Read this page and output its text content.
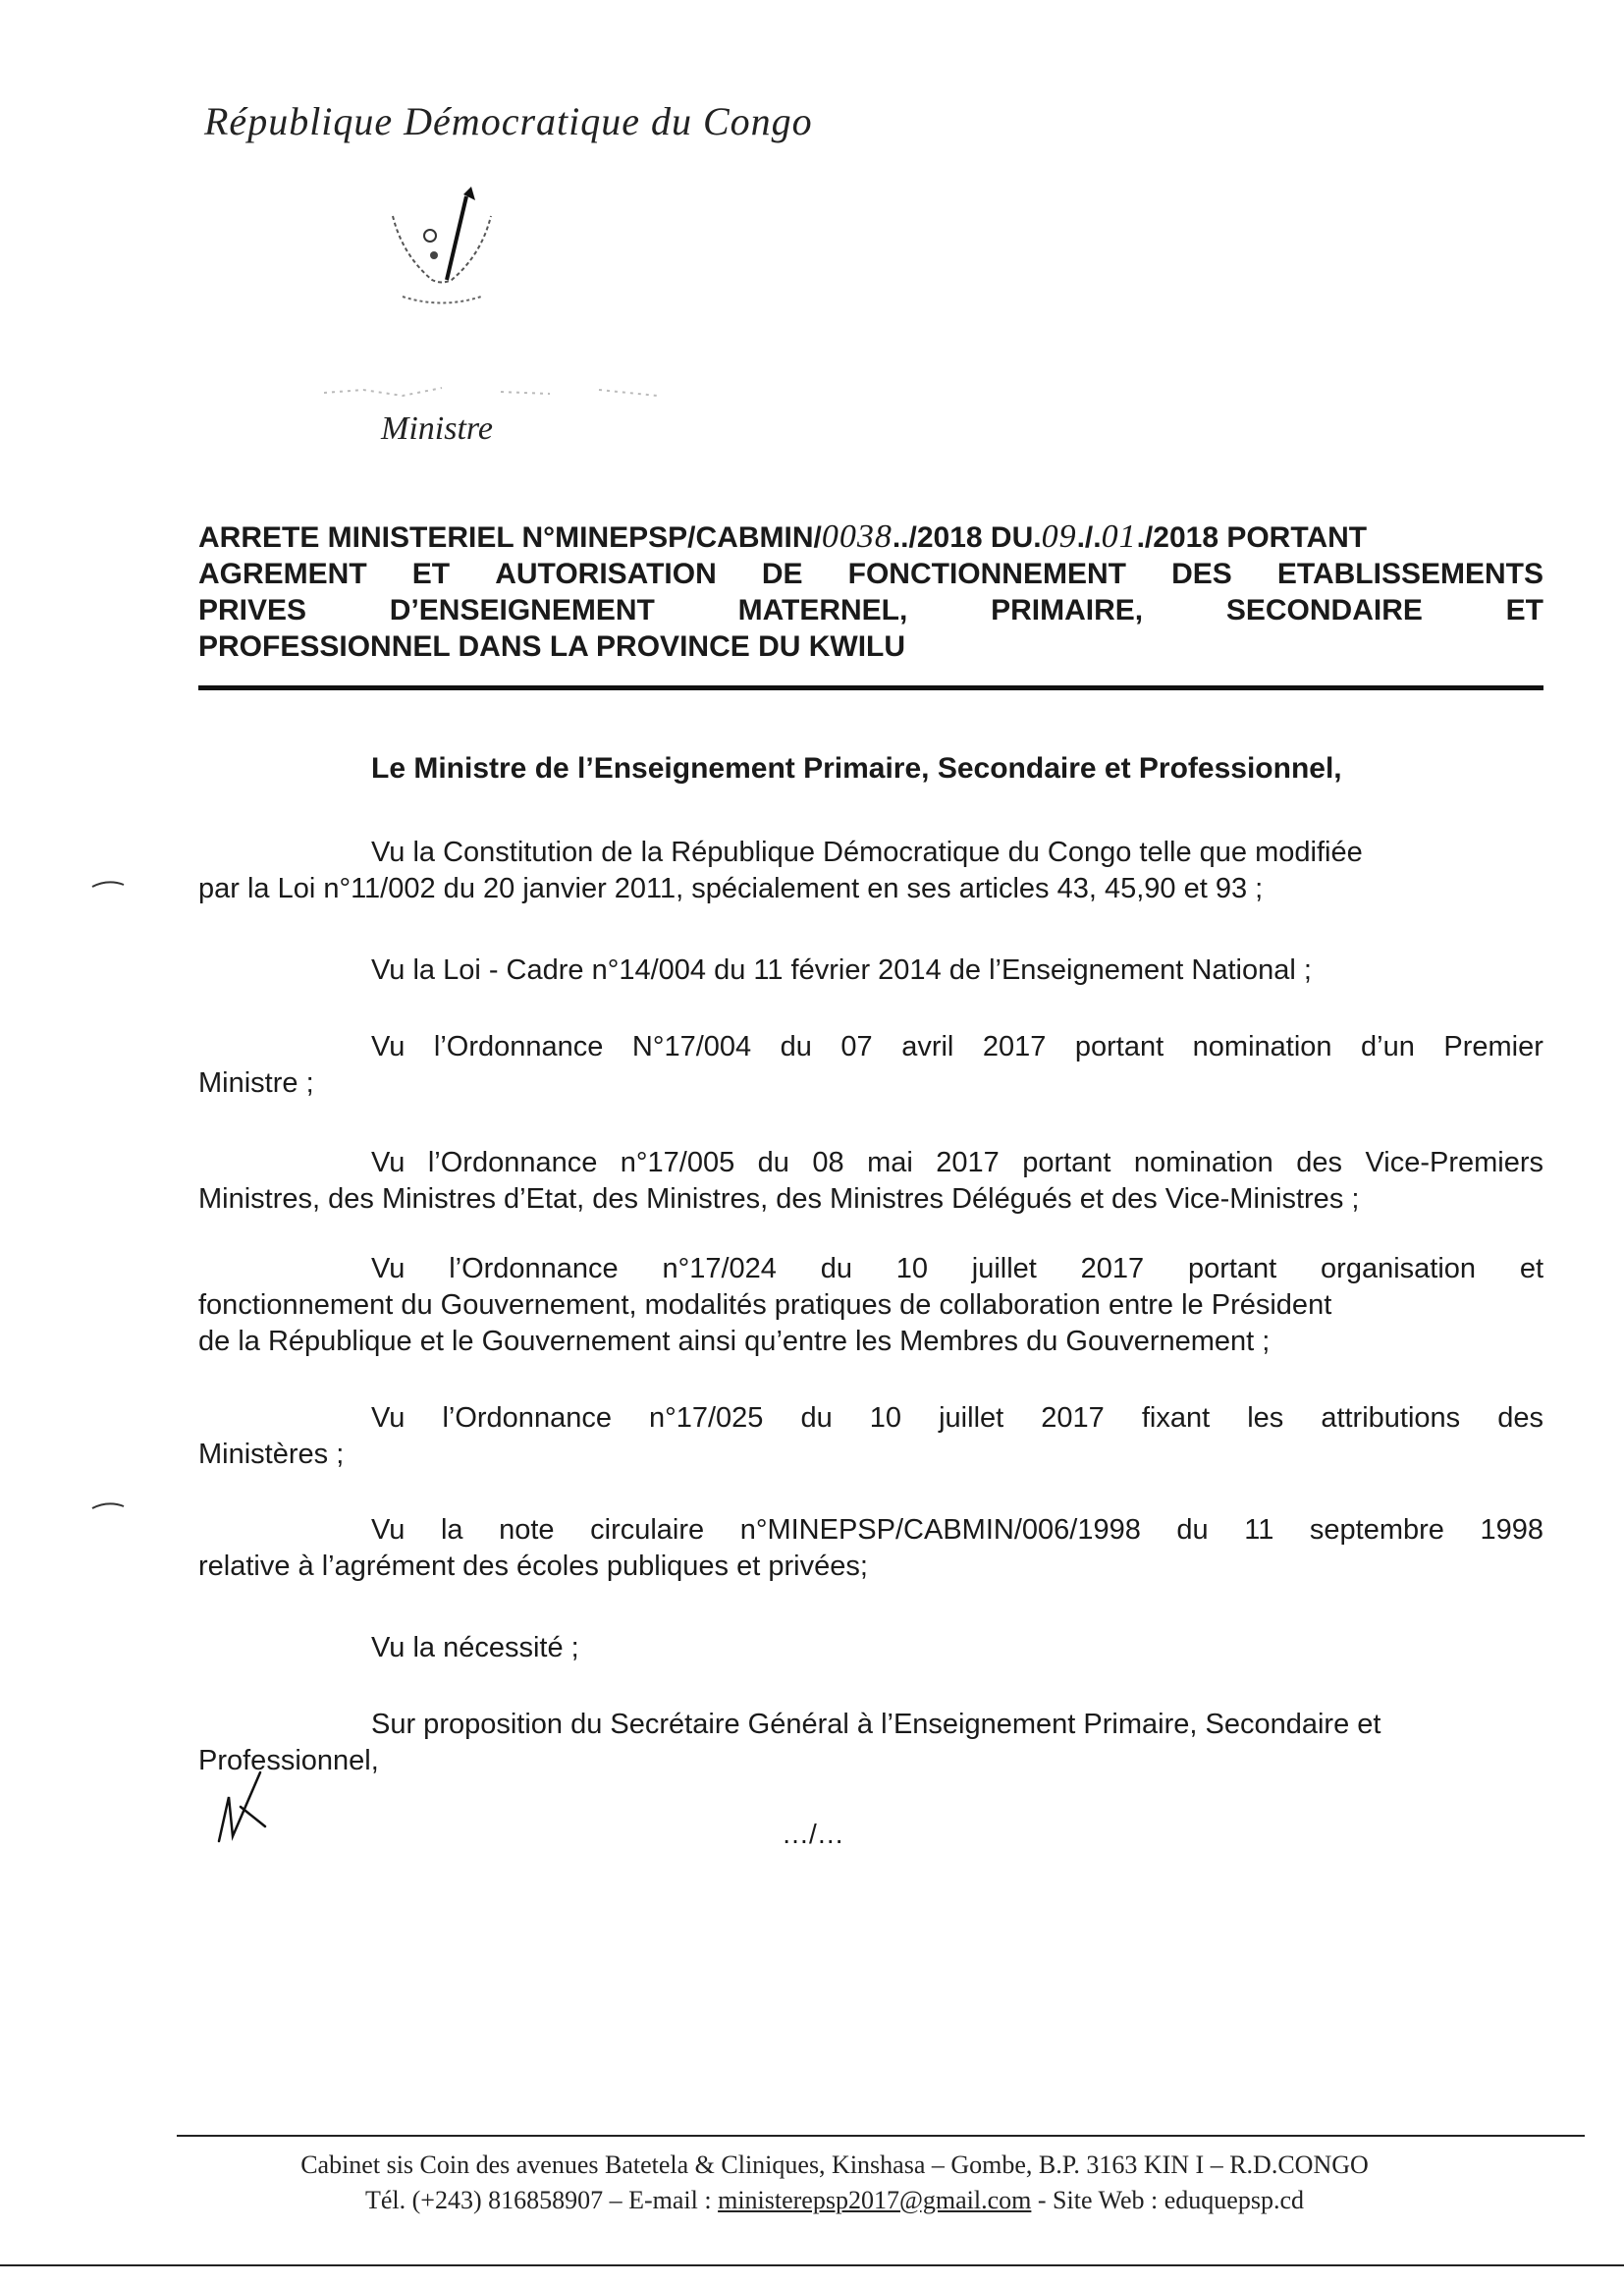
République Démocratique du Congo
Ministre
ARRETE MINISTERIEL N°MINEPSP/CABMIN/0038../2018 DU.09./.01./2018 PORTANT
AGREMENT ET AUTORISATION DE FONCTIONNEMENT DES ETABLISSEMENTS
PRIVES	D’ENSEIGNEMENT	MATERNEL,	PRIMAIRE,	SECONDAIRE	ET
PROFESSIONNEL DANS LA PROVINCE DU KWILU
Le Ministre de l’Enseignement Primaire, Secondaire et Professionnel,
Vu la Constitution de la République Démocratique du Congo telle que modifiée
par la Loi n°11/002 du 20 janvier 2011, spécialement en ses articles 43, 45,90 et 93 ;
Vu la Loi - Cadre n°14/004 du 11 février 2014 de l’Enseignement National ;
Vu l’Ordonnance N°17/004 du 07 avril 2017 portant nomination d’un Premier
Ministre ;
Vu l’Ordonnance n°17/005 du 08 mai 2017 portant nomination des Vice-Premiers
Ministres, des Ministres d’Etat, des Ministres, des Ministres Délégués et des Vice-Ministres ;
Vu l’Ordonnance n°17/024 du 10 juillet 2017 portant organisation et
fonctionnement du Gouvernement, modalités pratiques de collaboration entre le Président
de la République et le Gouvernement ainsi qu’entre les Membres du Gouvernement ;
Vu l’Ordonnance n°17/025 du 10 juillet 2017 fixant les attributions des
Ministères ;
Vu la note circulaire n°MINEPSP/CABMIN/006/1998 du 11 septembre 1998
relative à l’agrément des écoles publiques et privées;
Vu la nécessité ;
Sur proposition du Secrétaire Général à l’Enseignement Primaire, Secondaire et
Professionnel,
…/…
Cabinet sis Coin des avenues Batetela & Cliniques, Kinshasa – Gombe, B.P. 3163 KIN I – R.D.CONGO
Tél. (+243) 816858907 – E-mail : ministerepsp2017@gmail.com - Site Web : eduquepsp.cd
